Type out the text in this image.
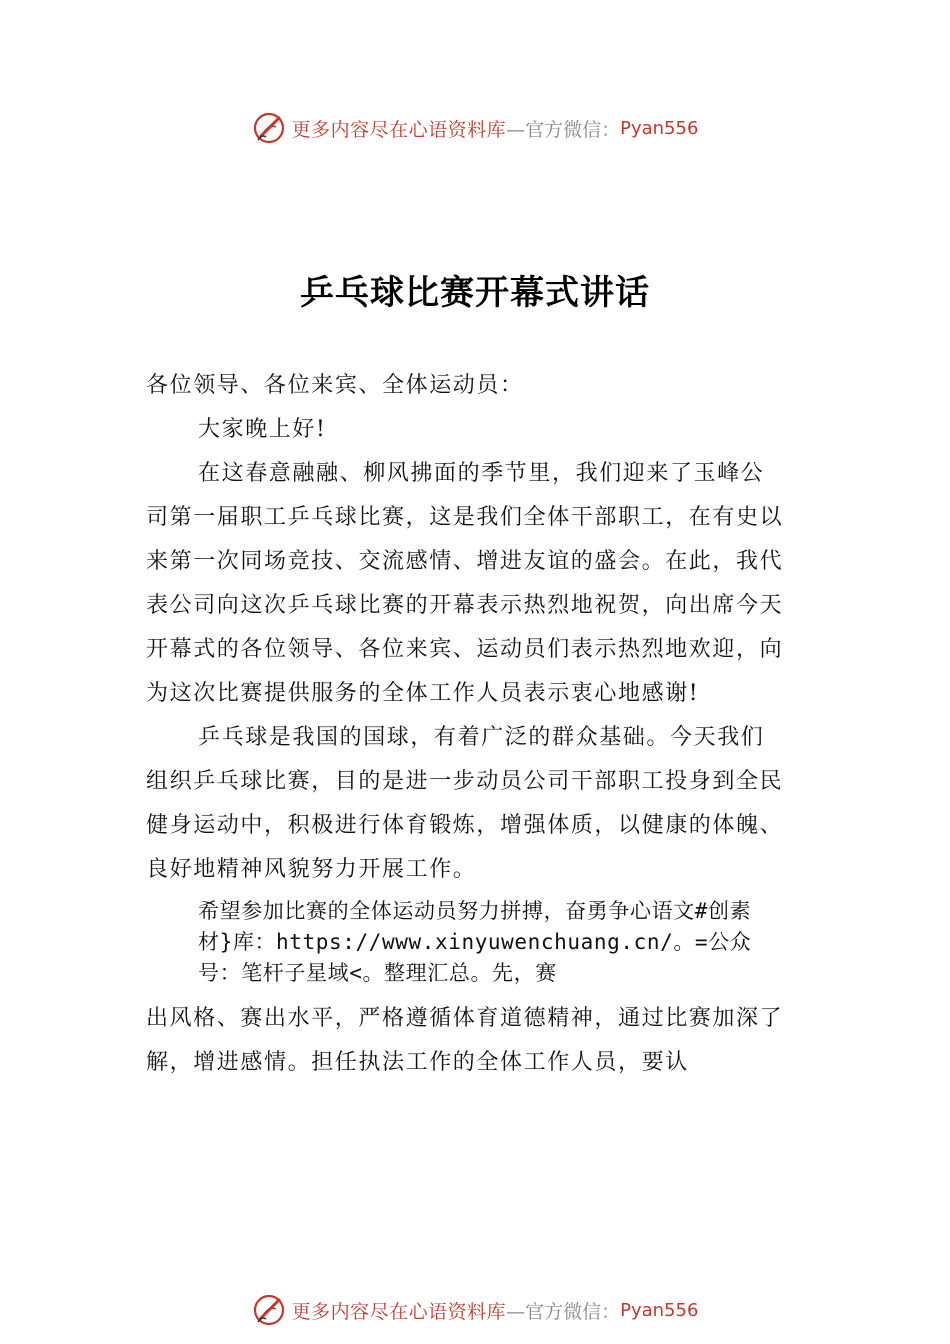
更多内容尽在心语资料库 —官方微信： Pyan556
乒乓球比赛开幕式讲话

各位领导、各位来宾、全体运动员：

大家晚上好!

在这春意融融、柳风拂面的季节里，我们迎来了玉峰公司第一届职工乒乓球比赛，这是我们全体干部职工，在有史以来第一次同场竞技、交流感情、增进友谊的盛会。在此，我代表公司向这次乒乓球比赛的开幕表示热烈地祝贺，向出席今天开幕式的各位领导、各位来宾、运动员们表示热烈地欢迎，向为这次比赛提供服务的全体工作人员表示衷心地感谢!

乒乓球是我国的国球，有着广泛的群众基础。今天我们组织乒乓球比赛，目的是进一步动员公司干部职工投身到全民健身运动中，积极进行体育锻炼，增强体质，以健康的体魄、良好地精神风貌努力开展工作。

希望参加比赛的全体运动员努力拼搏，奋勇争心语文#创素材}库：https://www.xinyuwenchuang.cn/。=公众号：笔杆子星域<。整理汇总。先，赛

出风格、赛出水平，严格遵循体育道德精神，通过比赛加深了解，增进感情。担任执法工作的全体工作人员，要认

更多内容尽在心语资料库 —官方微信： Pyan556
